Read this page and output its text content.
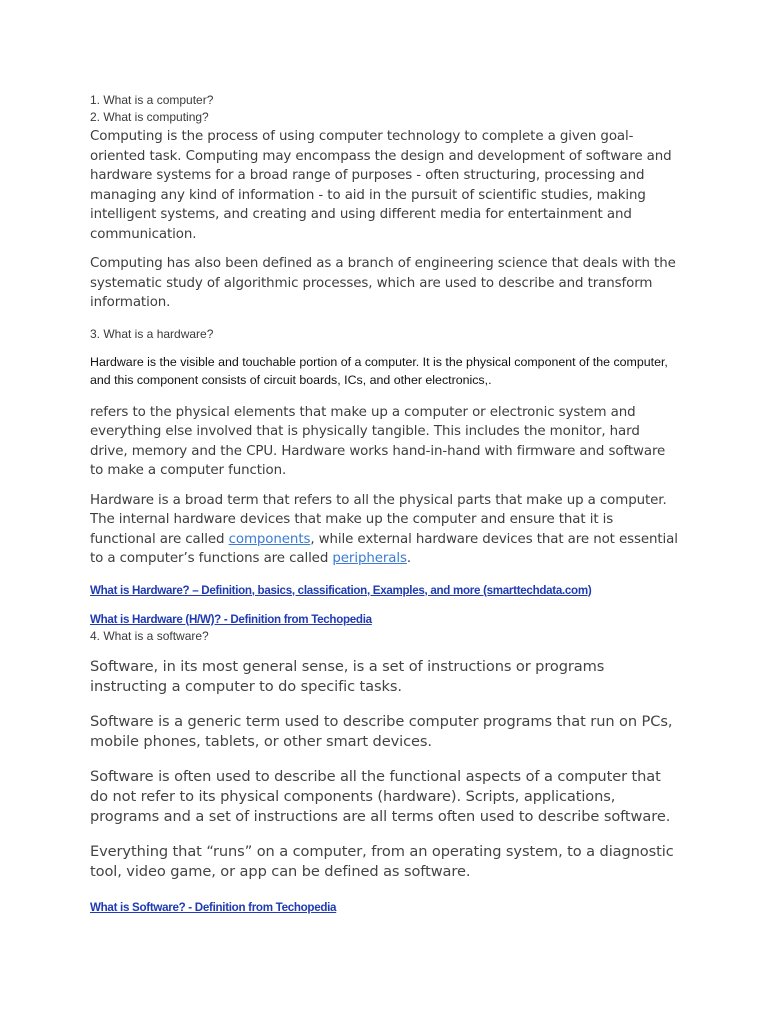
1. What is a computer?

2. What is computing?

Computing is the process of using computer technology to complete a given goal-oriented task. Computing may encompass the design and development of software and hardware systems for a broad range of purposes - often structuring, processing and managing any kind of information - to aid in the pursuit of scientific studies, making intelligent systems, and creating and using different media for entertainment and communication.

Computing has also been defined as a branch of engineering science that deals with the systematic study of algorithmic processes, which are used to describe and transform information.

3. What is a hardware?

Hardware is the visible and touchable portion of a computer. It is the physical component of the computer, and this component consists of circuit boards, ICs, and other electronics,.

refers to the physical elements that make up a computer or electronic system and everything else involved that is physically tangible. This includes the monitor, hard drive, memory and the CPU. Hardware works hand-in-hand with firmware and software to make a computer function.

Hardware is a broad term that refers to all the physical parts that make up a computer. The internal hardware devices that make up the computer and ensure that it is functional are called components, while external hardware devices that are not essential to a computer’s functions are called peripherals.

What is Hardware? – Definition, basics, classification, Examples, and more (smarttechdata.com)
What is Hardware (H/W)? - Definition from Techopedia

4. What is a software?

Software, in its most general sense, is a set of instructions or programs instructing a computer to do specific tasks.

Software is a generic term used to describe computer programs that run on PCs, mobile phones, tablets, or other smart devices.

Software is often used to describe all the functional aspects of a computer that do not refer to its physical components (hardware). Scripts, applications, programs and a set of instructions are all terms often used to describe software.

Everything that “runs” on a computer, from an operating system, to a diagnostic tool, video game, or app can be defined as software.

What is Software? - Definition from Techopedia
